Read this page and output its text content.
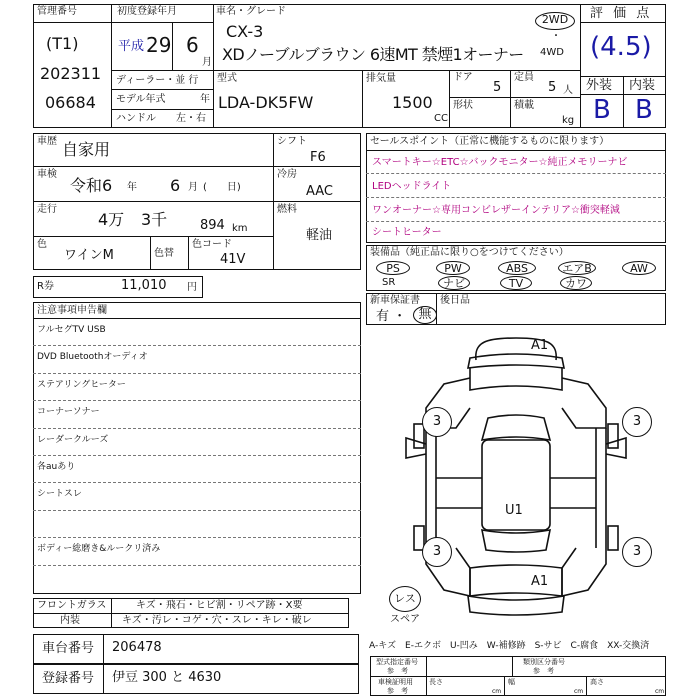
管理番号
(T1)
202311
06684
初度登録年月
平成 29 6
月
ディーラー・並 行
モデル年式	年
ハンドル 左・右
車名・グレード
CX-3
XDノーブルブラウン 6速MT 禁煙1オーナー
2WD
・
4WD
型式
LDA-DK5FW
排気量
1500
CC
ドア
5
定員
5 人
形状	積載
kg
評 価 点
(4.5)
外装 内装
B B
車歴 自家用	シフト
F6
車検
令和6 年 6 月 (　　日)
冷房
AAC
走行
4万 3千	894 km
燃料
軽油
色
ワインM	色替
色コード
41V
R券	11,010 円
セールスポイント（正常に機能するものに限ります）
スマートキー☆ETC☆バックモニター☆純正メモリーナビ
LEDヘッドライト
ワンオーナー☆専用コンビレザーインテリア☆衝突軽減
シートヒーター
装備品（純正品に限り○をつけてください）
PS	PW	ABS	エアB	AW
SR	ナビ	TV	カワ
新車保証書
有 ・ 無
後日品
注意事項申告欄
フルセグTV USB
DVD Bluetoothオーディオ
ステアリングヒーター
コーナーソナー
レーダークルーズ
各auあり
シートスレ
ボディー総磨き&ルークリ済み
フロントガラス	キズ・飛石・ヒビ割・リペア跡・X要
内装	キズ・汚レ・コゲ・穴・スレ・キレ・破レ
車台番号 206478
登録番号 伊豆 300 と 4630
A1
3	3
U1
3	3
A1
レス
スペア
A-キズ　E-エクボ　U-凹み　W-補修跡　S-サビ　C-腐食　XX-交換済
型式指定番号
参　考
類別区分番号
参　考
車検証明用
参　考
長さ
cm
幅
cm
高さ
cm
